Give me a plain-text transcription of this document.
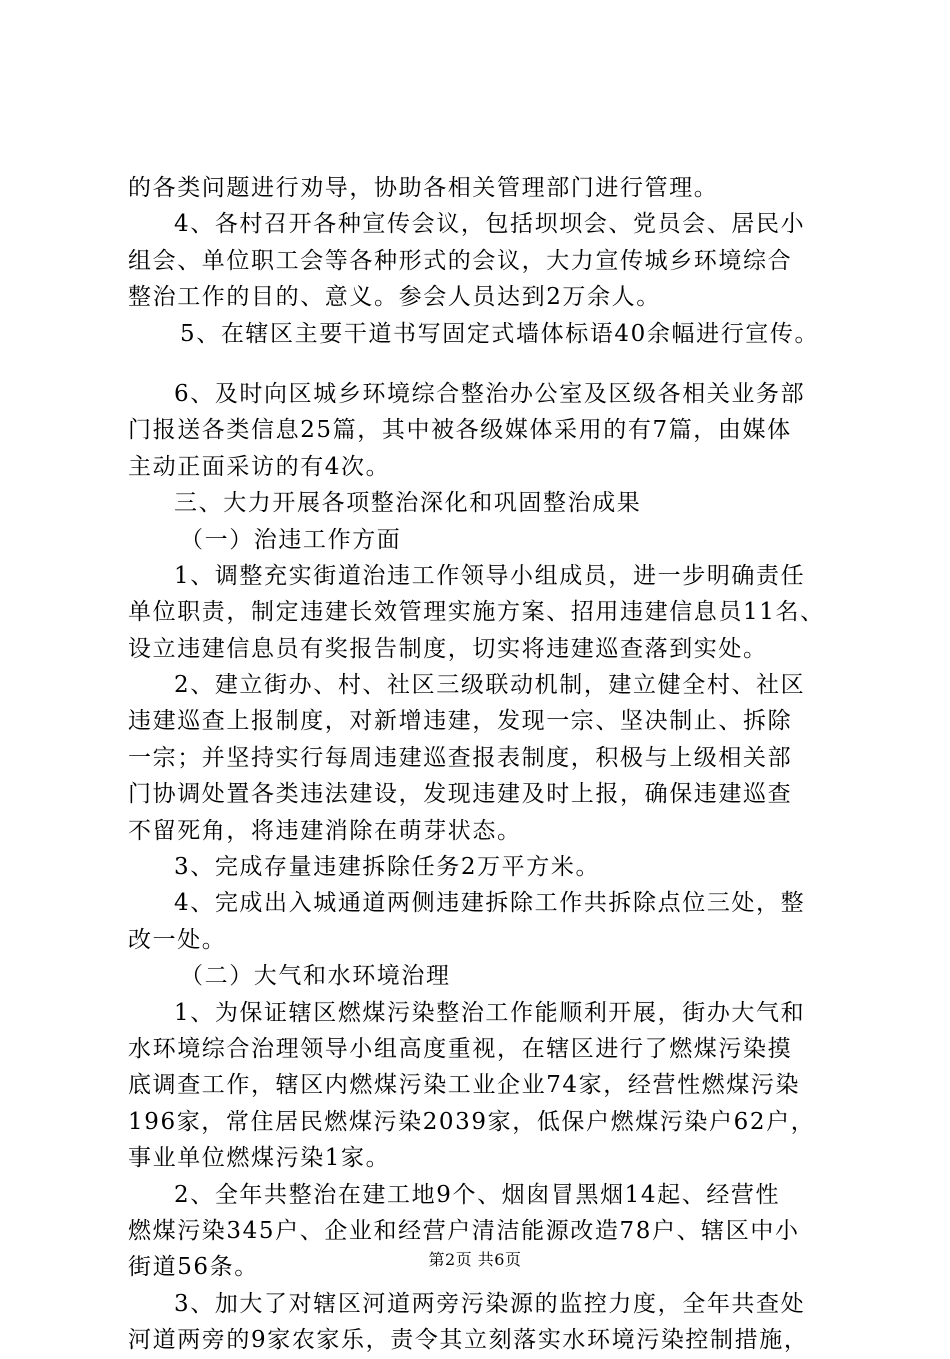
的各类问题进行劝导，协助各相关管理部门进行管理。
4、各村召开各种宣传会议，包括坝坝会、党员会、居民小
组会、单位职工会等各种形式的会议，大力宣传城乡环境综合
整治工作的目的、意义。参会人员达到2万余人。
5、在辖区主要干道书写固定式墙体标语40余幅进行宣传。
6、及时向区城乡环境综合整治办公室及区级各相关业务部
门报送各类信息25篇，其中被各级媒体采用的有7篇，由媒体
主动正面采访的有4次。
三、大力开展各项整治深化和巩固整治成果
（一）治违工作方面
1、调整充实街道治违工作领导小组成员，进一步明确责任
单位职责，制定违建长效管理实施方案、招用违建信息员11名、
设立违建信息员有奖报告制度，切实将违建巡查落到实处。
2、建立街办、村、社区三级联动机制，建立健全村、社区
违建巡查上报制度，对新增违建，发现一宗、坚决制止、拆除
一宗；并坚持实行每周违建巡查报表制度，积极与上级相关部
门协调处置各类违法建设，发现违建及时上报，确保违建巡查
不留死角，将违建消除在萌芽状态。
3、完成存量违建拆除任务2万平方米。
4、完成出入城通道两侧违建拆除工作共拆除点位三处，整
改一处。
（二）大气和水环境治理
1、为保证辖区燃煤污染整治工作能顺利开展，街办大气和
水环境综合治理领导小组高度重视，在辖区进行了燃煤污染摸
底调查工作，辖区内燃煤污染工业企业74家，经营性燃煤污染
196家，常住居民燃煤污染2039家，低保户燃煤污染户62户，
事业单位燃煤污染1家。
2、全年共整治在建工地9个、烟囱冒黑烟14起、经营性
燃煤污染345户、企业和经营户清洁能源改造78户、辖区中小
街道56条。
3、加大了对辖区河道两旁污染源的监控力度，全年共查处
河道两旁的9家农家乐，责令其立刻落实水环境污染控制措施，
第2页 共6页
